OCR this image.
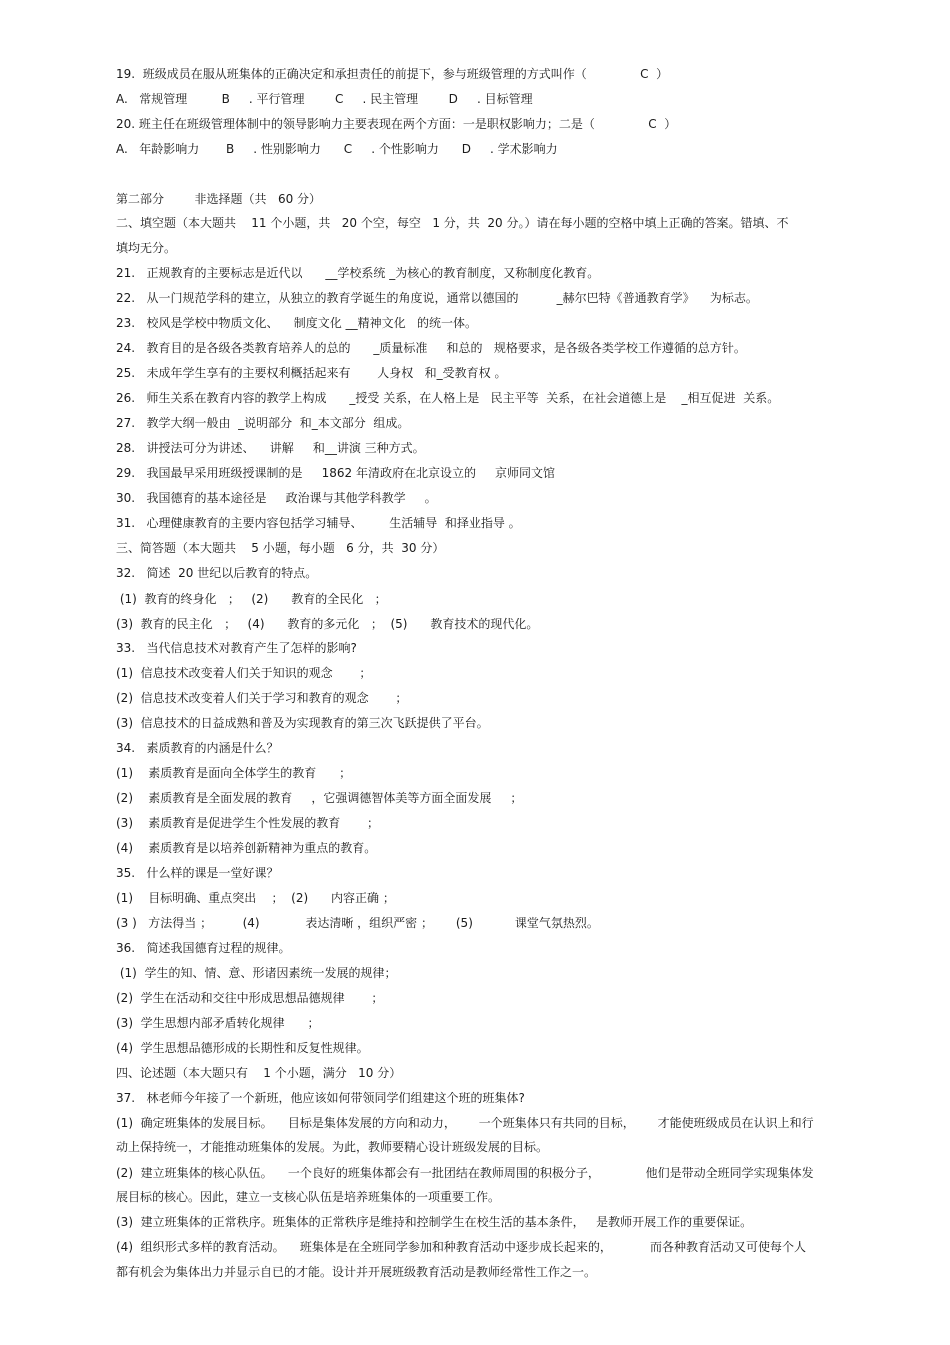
19.  班级成员在服从班集体的正确决定和承担责任的前提下，参与班级管理的方式叫作（              C  ）
A.   常规管理         B     . 平行管理        C     . 民主管理        D     . 目标管理
20. 班主任在班级管理体制中的领导影响力主要表现在两个方面：一是职权影响力；二是（              C  ）
A.   年龄影响力       B     . 性别影响力      C     . 个性影响力      D     . 学术影响力
第二部分        非选择题（共   60 分）
二、填空题（本大题共    11 个小题，共   20 个空，每空   1 分，共  20 分。）请在每小题的空格中填上正确的答案。错填、不
填均无分。
21.   正规教育的主要标志是近代以      __学校系统 _为核心的教育制度，又称制度化教育。
22.   从一门规范学科的建立，从独立的教育学诞生的角度说，通常以德国的          _赫尔巴特《普通教育学》    为标志。
23.   校风是学校中物质文化、    制度文化 __精神文化   的统一体。
24.   教育目的是各级各类教育培养人的总的      _质量标准     和总的   规格要求，是各级各类学校工作遵循的总方针。
25.   未成年学生享有的主要权利概括起来有       人身权   和_受教育权 。
26.   师生关系在教育内容的教学上构成      _授受 关系，在人格上是   民主平等  关系，在社会道德上是    _相互促进  关系。
27.   教学大纲一般由  _说明部分  和_本文部分  组成。
28.   讲授法可分为讲述、    讲解     和__讲演 三种方式。
29.   我国最早采用班级授课制的是     1862 年清政府在北京设立的     京师同文馆
30.   我国德育的基本途径是     政治课与其他学科教学     。
31.   心理健康教育的主要内容包括学习辅导、       生活辅导  和择业指导 。
三、简答题（本大题共    5 小题，每小题   6 分，共  30 分）
32.   简述  20 世纪以后教育的特点。
(1)  教育的终身化   ；   (2)      教育的全民化   ；
(3)  教育的民主化   ；   (4)      教育的多元化   ；  (5)      教育技术的现代化。
33.   当代信息技术对教育产生了怎样的影响?
(1)  信息技术改变着人们关于知识的观念       ；
(2)  信息技术改变着人们关于学习和教育的观念       ；
(3)  信息技术的日益成熟和普及为实现教育的第三次飞跃提供了平台。
34.   素质教育的内涵是什么？
(1)    素质教育是面向全体学生的教育      ；
(2)    素质教育是全面发展的教育     ，它强调德智体美等方面全面发展     ；
(3)    素质教育是促进学生个性发展的教育       ；
(4)    素质教育是以培养创新精神为重点的教育。
35.   什么样的课是一堂好课？
(1)    目标明确、重点突出    ；  (2)      内容正确 ；
(3 )   方法得当 ；        (4)            表达清晰 ，组织严密 ；      (5)           课堂气氛热烈。
36.   简述我国德育过程的规律。
(1)  学生的知、情、意、形诸因素统一发展的规律；
(2)  学生在活动和交往中形成思想品德规律       ；
(3)  学生思想内部矛盾转化规律      ；
(4)  学生思想品德形成的长期性和反复性规律。
四、论述题（本大题只有    1 个小题，满分   10 分）
37.   林老师今年接了一个新班，他应该如何带领同学们组建这个班的班集体?
(1)  确定班集体的发展目标。    目标是集体发展的方向和动力，      一个班集体只有共同的目标，      才能使班级成员在认识上和行
动上保持统一，才能推动班集体的发展。为此，教师要精心设计班级发展的目标。
(2)  建立班集体的核心队伍。    一个良好的班集体都会有一批团结在教师周围的积极分子，            他们是带动全班同学实现集体发
展目标的核心。因此，建立一支核心队伍是培养班集体的一项重要工作。
(3)  建立班集体的正常秩序。班集体的正常秩序是维持和控制学生在校生活的基本条件，   是教师开展工作的重要保证。
(4)  组织形式多样的教育活动。    班集体是在全班同学参加和种教育活动中逐步成长起来的，          而各种教育活动又可使每个人
都有机会为集体出力并显示自已的才能。设计并开展班级教育活动是教师经常性工作之一。
